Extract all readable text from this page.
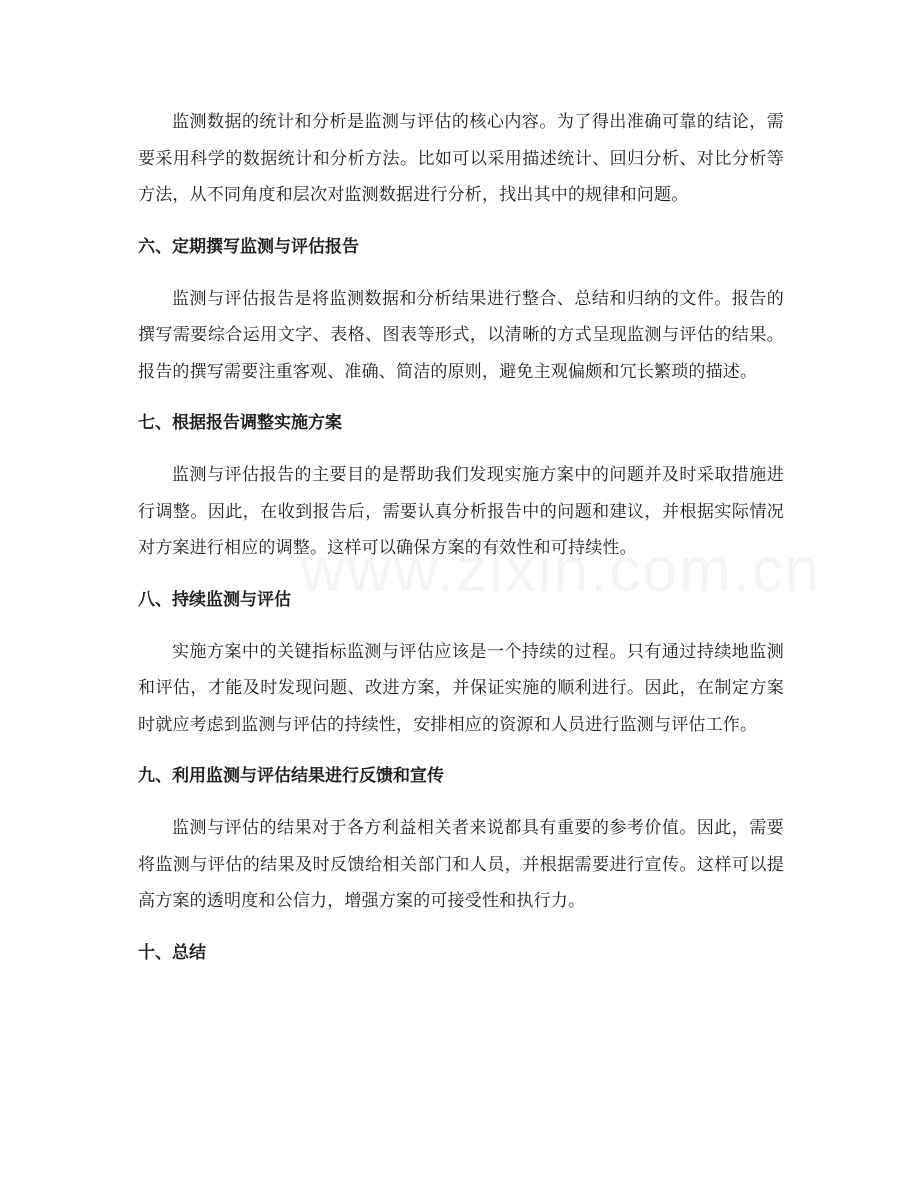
监测数据的统计和分析是监测与评估的核心内容。为了得出准确可靠的结论，需要采用科学的数据统计和分析方法。比如可以采用描述统计、回归分析、对比分析等方法，从不同角度和层次对监测数据进行分析，找出其中的规律和问题。

六、定期撰写监测与评估报告

监测与评估报告是将监测数据和分析结果进行整合、总结和归纳的文件。报告的撰写需要综合运用文字、表格、图表等形式，以清晰的方式呈现监测与评估的结果。报告的撰写需要注重客观、准确、简洁的原则，避免主观偏颇和冗长繁琐的描述。

七、根据报告调整实施方案

监测与评估报告的主要目的是帮助我们发现实施方案中的问题并及时采取措施进行调整。因此，在收到报告后，需要认真分析报告中的问题和建议，并根据实际情况对方案进行相应的调整。这样可以确保方案的有效性和可持续性。

八、持续监测与评估

实施方案中的关键指标监测与评估应该是一个持续的过程。只有通过持续地监测和评估，才能及时发现问题、改进方案，并保证实施的顺利进行。因此，在制定方案时就应考虑到监测与评估的持续性，安排相应的资源和人员进行监测与评估工作。

九、利用监测与评估结果进行反馈和宣传

监测与评估的结果对于各方利益相关者来说都具有重要的参考价值。因此，需要将监测与评估的结果及时反馈给相关部门和人员，并根据需要进行宣传。这样可以提高方案的透明度和公信力，增强方案的可接受性和执行力。

十、总结
